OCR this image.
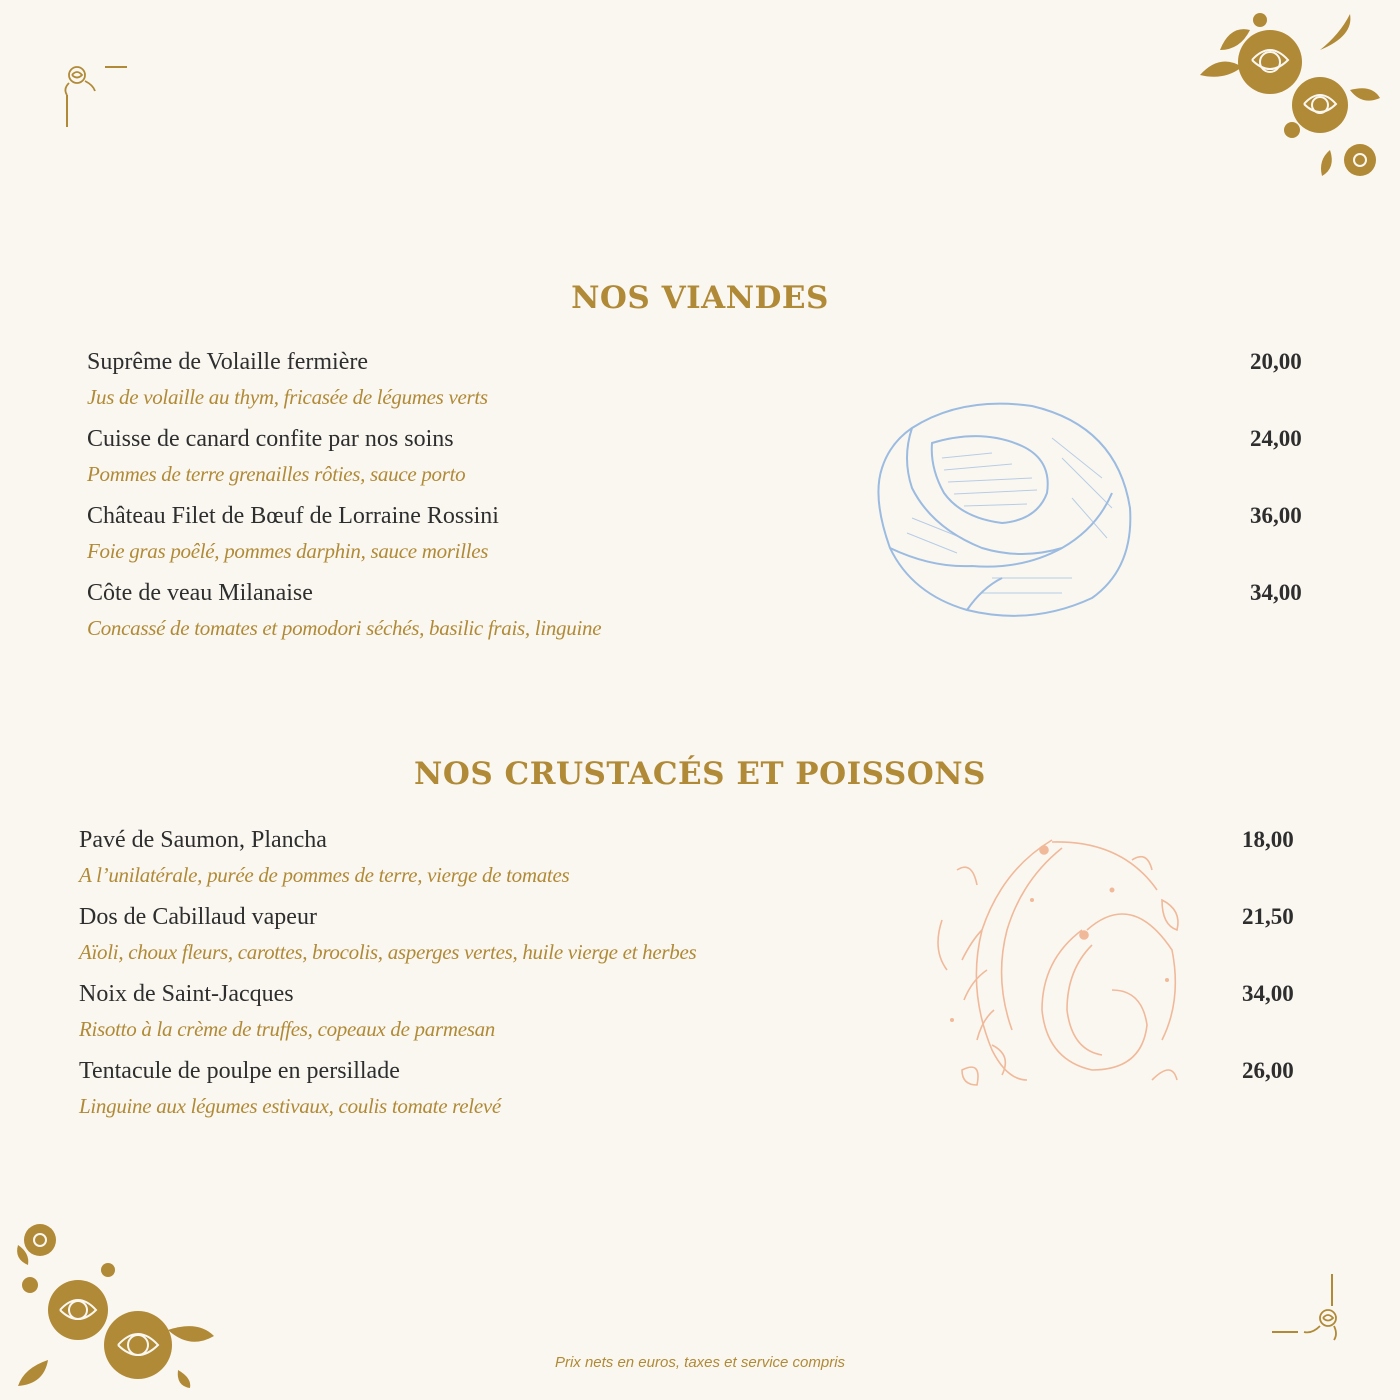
NOS VIANDES
Suprême de Volaille fermière
Jus de volaille au thym, fricasée de légumes verts
20,00
Cuisse de canard confite par nos soins
Pommes de terre grenailles rôties, sauce porto
24,00
Château Filet de Bœuf de Lorraine Rossini
Foie gras poêlé, pommes darphin, sauce morilles
36,00
Côte de veau Milanaise
Concassé de tomates et pomodori séchés, basilic frais, linguine
34,00
NOS CRUSTACÉS ET POISSONS
Pavé de Saumon, Plancha
A l’unilatérale, purée de pommes de terre, vierge de tomates
18,00
Dos de Cabillaud vapeur
Aïoli, choux fleurs, carottes, brocolis, asperges vertes, huile vierge et herbes
21,50
Noix de Saint-Jacques
Risotto à la crème de truffes, copeaux de parmesan
34,00
Tentacule de poulpe en persillade
Linguine aux légumes estivaux, coulis tomate relevé
26,00
Prix nets en euros, taxes et service compris
